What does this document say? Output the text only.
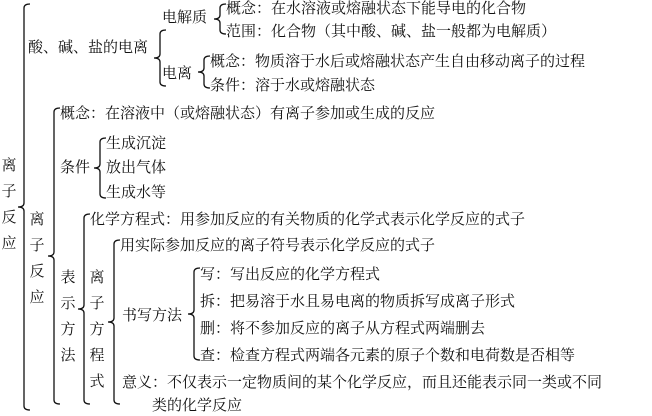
离子反应
酸、碱、盐的电离
电解质 概念：在水溶液或熔融状态下能导电的化合物
范围：化合物（其中酸、碱、盐一般都为电解质）
电离
概念：物质溶于水后或熔融状态产生自由移动离子的过程
条件：溶于水或熔融状态
离子反应
概念：在溶液中（或熔融状态）有离子参加或生成的反应
条件
生成沉淀
放出气体
生成水等
表示方法
化学方程式：用参加反应的有关物质的化学式表示化学反应的式子
离子方程式
用实际参加反应的离子符号表示化学反应的式子
书写方法
写：写出反应的化学方程式
拆：把易溶于水且易电离的物质拆写成离子形式
删：将不参加反应的离子从方程式两端删去
查：检查方程式两端各元素的原子个数和电荷数是否相等
意义：不仅表示一定物质间的某个化学反应，而且还能表示同一类或不同
类的化学反应
